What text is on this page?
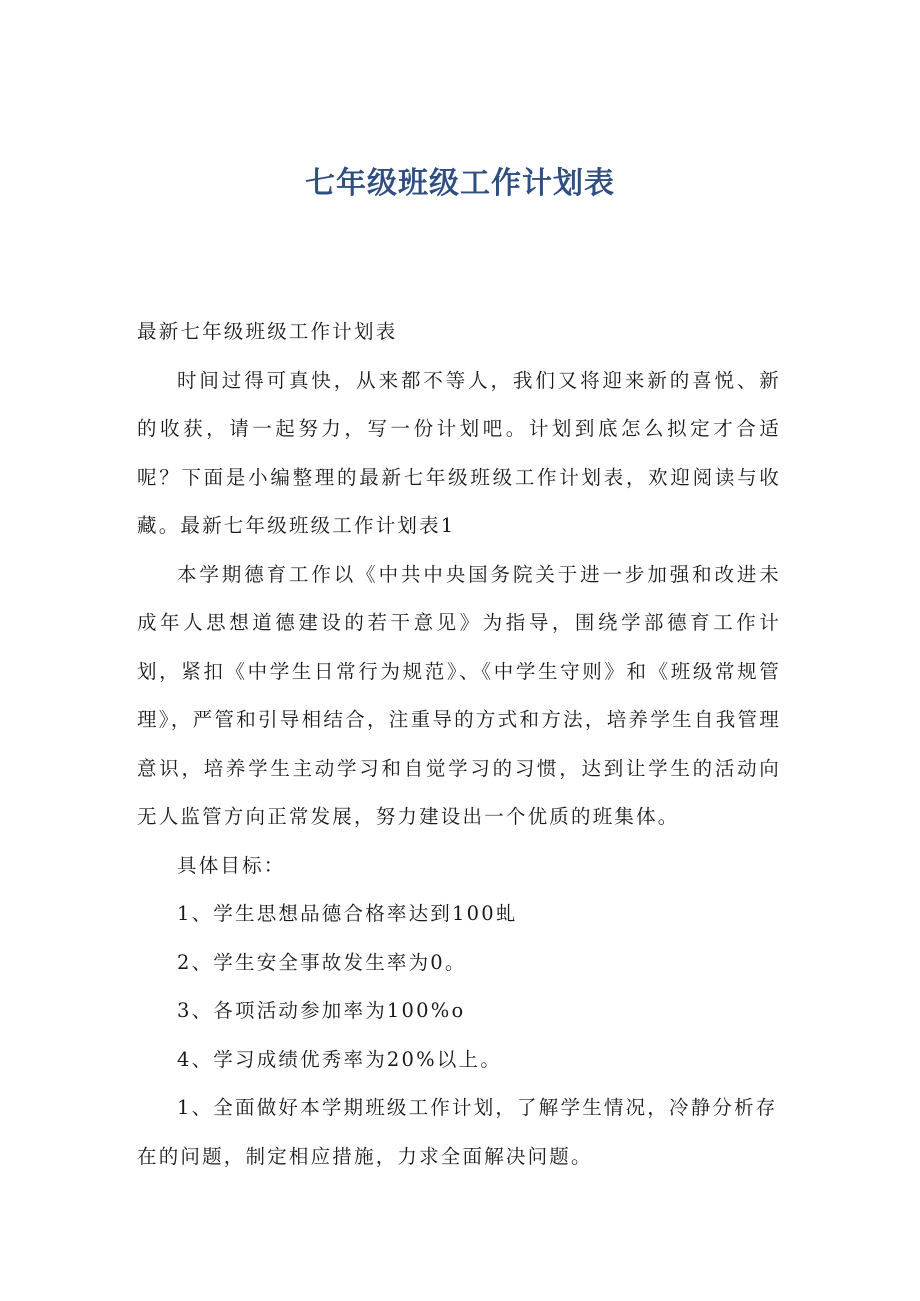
七年级班级工作计划表

最新七年级班级工作计划表

时间过得可真快，从来都不等人，我们又将迎来新的喜悦、新的收获，请一起努力，写一份计划吧。计划到底怎么拟定才合适呢？下面是小编整理的最新七年级班级工作计划表，欢迎阅读与收藏。最新七年级班级工作计划表1

本学期德育工作以《中共中央国务院关于进一步加强和改进未成年人思想道德建设的若干意见》为指导，围绕学部德育工作计划，紧扣《中学生日常行为规范》、《中学生守则》和《班级常规管理》，严管和引导相结合，注重导的方式和方法，培养学生自我管理意识，培养学生主动学习和自觉学习的习惯，达到让学生的活动向无人监管方向正常发展，努力建设出一个优质的班集体。

具体目标：

1、学生思想品德合格率达到100虬

2、学生安全事故发生率为0。

3、各项活动参加率为100%o

4、学习成绩优秀率为20%以上。

1、全面做好本学期班级工作计划，了解学生情况，冷静分析存

在的问题，制定相应措施，力求全面解决问题。
